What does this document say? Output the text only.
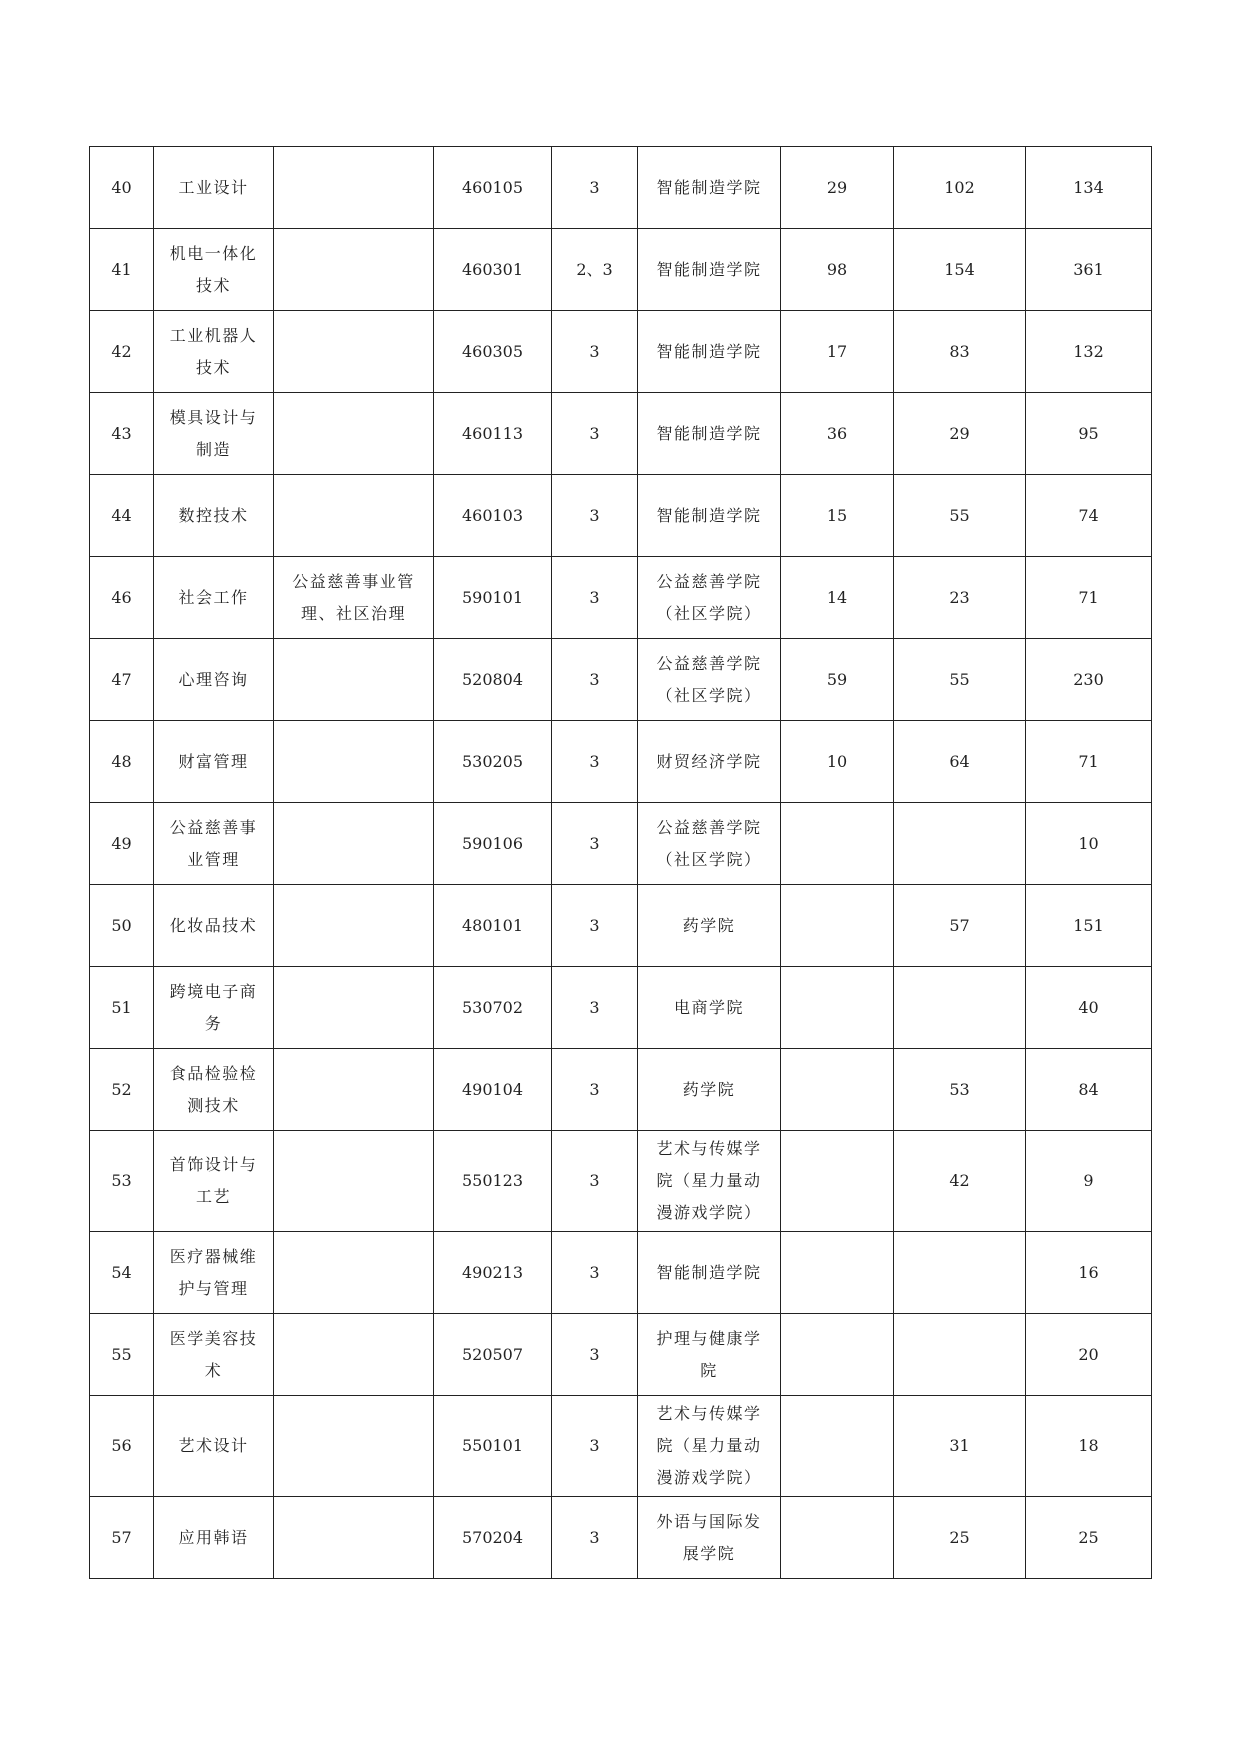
40	工业设计		460105	3	智能制造学院	29	102	134
41	机电一体化技术		460301	2、3	智能制造学院	98	154	361
42	工业机器人技术		460305	3	智能制造学院	17	83	132
43	模具设计与制造		460113	3	智能制造学院	36	29	95
44	数控技术		460103	3	智能制造学院	15	55	74
46	社会工作	公益慈善事业管理、社区治理	590101	3	公益慈善学院（社区学院）	14	23	71
47	心理咨询		520804	3	公益慈善学院（社区学院）	59	55	230
48	财富管理		530205	3	财贸经济学院	10	64	71
49	公益慈善事业管理		590106	3	公益慈善学院（社区学院）			10
50	化妆品技术		480101	3	药学院		57	151
51	跨境电子商务		530702	3	电商学院			40
52	食品检验检测技术		490104	3	药学院		53	84
53	首饰设计与工艺		550123	3	艺术与传媒学院（星力量动漫游戏学院）		42	9
54	医疗器械维护与管理		490213	3	智能制造学院			16
55	医学美容技术		520507	3	护理与健康学院			20
56	艺术设计		550101	3	艺术与传媒学院（星力量动漫游戏学院）		31	18
57	应用韩语		570204	3	外语与国际发展学院		25	25
